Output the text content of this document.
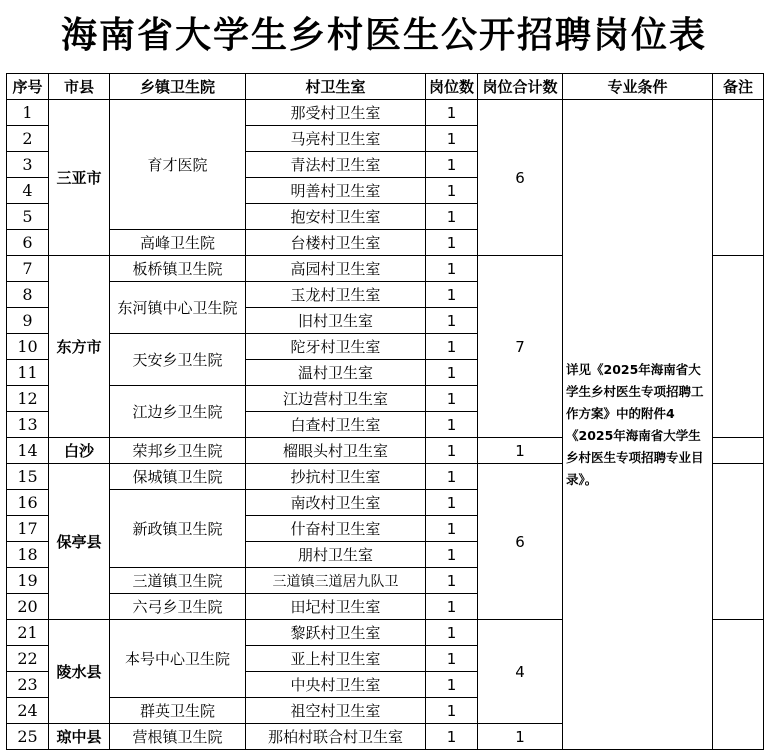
海南省大学生乡村医生公开招聘岗位表
序号	市县	乡镇卫生院	村卫生室	岗位数	岗位合计数	专业条件	备注
1	三亚市	育才医院	那受村卫生室	1	6	详见《2025年海南省大学生乡村医生专项招聘工作方案》中的附件4《2025年海南省大学生乡村医生专项招聘专业目录》。	
2			马亮村卫生室	1			
3			青法村卫生室	1			
4			明善村卫生室	1			
5			抱安村卫生室	1			
6		高峰卫生院	台楼村卫生室	1			
7	东方市	板桥镇卫生院	高园村卫生室	1	7		
8		东河镇中心卫生院	玉龙村卫生室	1			
9			旧村卫生室	1			
10		天安乡卫生院	陀牙村卫生室	1			
11			温村卫生室	1			
12		江边乡卫生院	江边营村卫生室	1			
13			白查村卫生室	1			
14	白沙	荣邦乡卫生院	榴眼头村卫生室	1	1		
15	保亭县	保城镇卫生院	抄抗村卫生室	1	6		
16		新政镇卫生院	南改村卫生室	1			
17			什奋村卫生室	1			
18			朋村卫生室	1			
19		三道镇卫生院	三道镇三道居九队卫	1			
20		六弓乡卫生院	田圮村卫生室	1			
21	陵水县	本号中心卫生院	黎跃村卫生室	1	4		
22			亚上村卫生室	1			
23			中央村卫生室	1			
24		群英卫生院	祖空村卫生室	1			
25	琼中县	营根镇卫生院	那柏村联合村卫生室	1	1		
